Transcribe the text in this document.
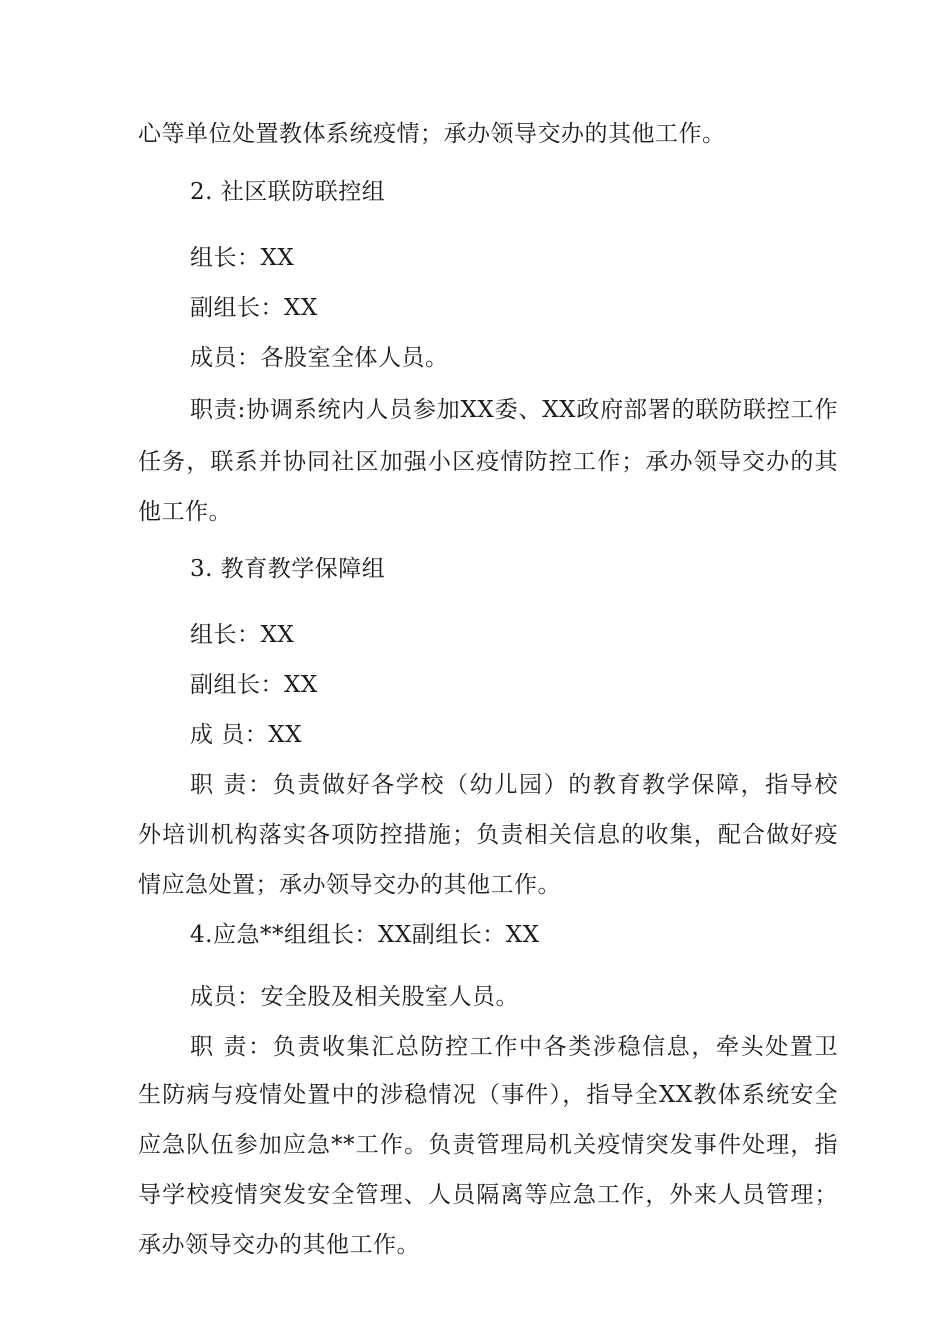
心等单位处置教体系统疫情；承办领导交办的其他工作。
2. 社区联防联控组
组长：XX
副组长：XX
成员：各股室全体人员。
职责:协调系统内人员参加XX委、XX政府部署的联防联控工作
任务，联系并协同社区加强小区疫情防控工作；承办领导交办的其
他工作。
3. 教育教学保障组
组长：XX
副组长：XX
成 员：XX
职 责：负责做好各学校（幼儿园）的教育教学保障，指导校
外培训机构落实各项防控措施；负责相关信息的收集，配合做好疫
情应急处置；承办领导交办的其他工作。
4.应急**组组长：XX副组长：XX
成员：安全股及相关股室人员。
职 责：负责收集汇总防控工作中各类涉稳信息，牵头处置卫
生防病与疫情处置中的涉稳情况（事件），指导全XX教体系统安全
应急队伍参加应急**工作。负责管理局机关疫情突发事件处理，指
导学校疫情突发安全管理、人员隔离等应急工作，外来人员管理；
承办领导交办的其他工作。
